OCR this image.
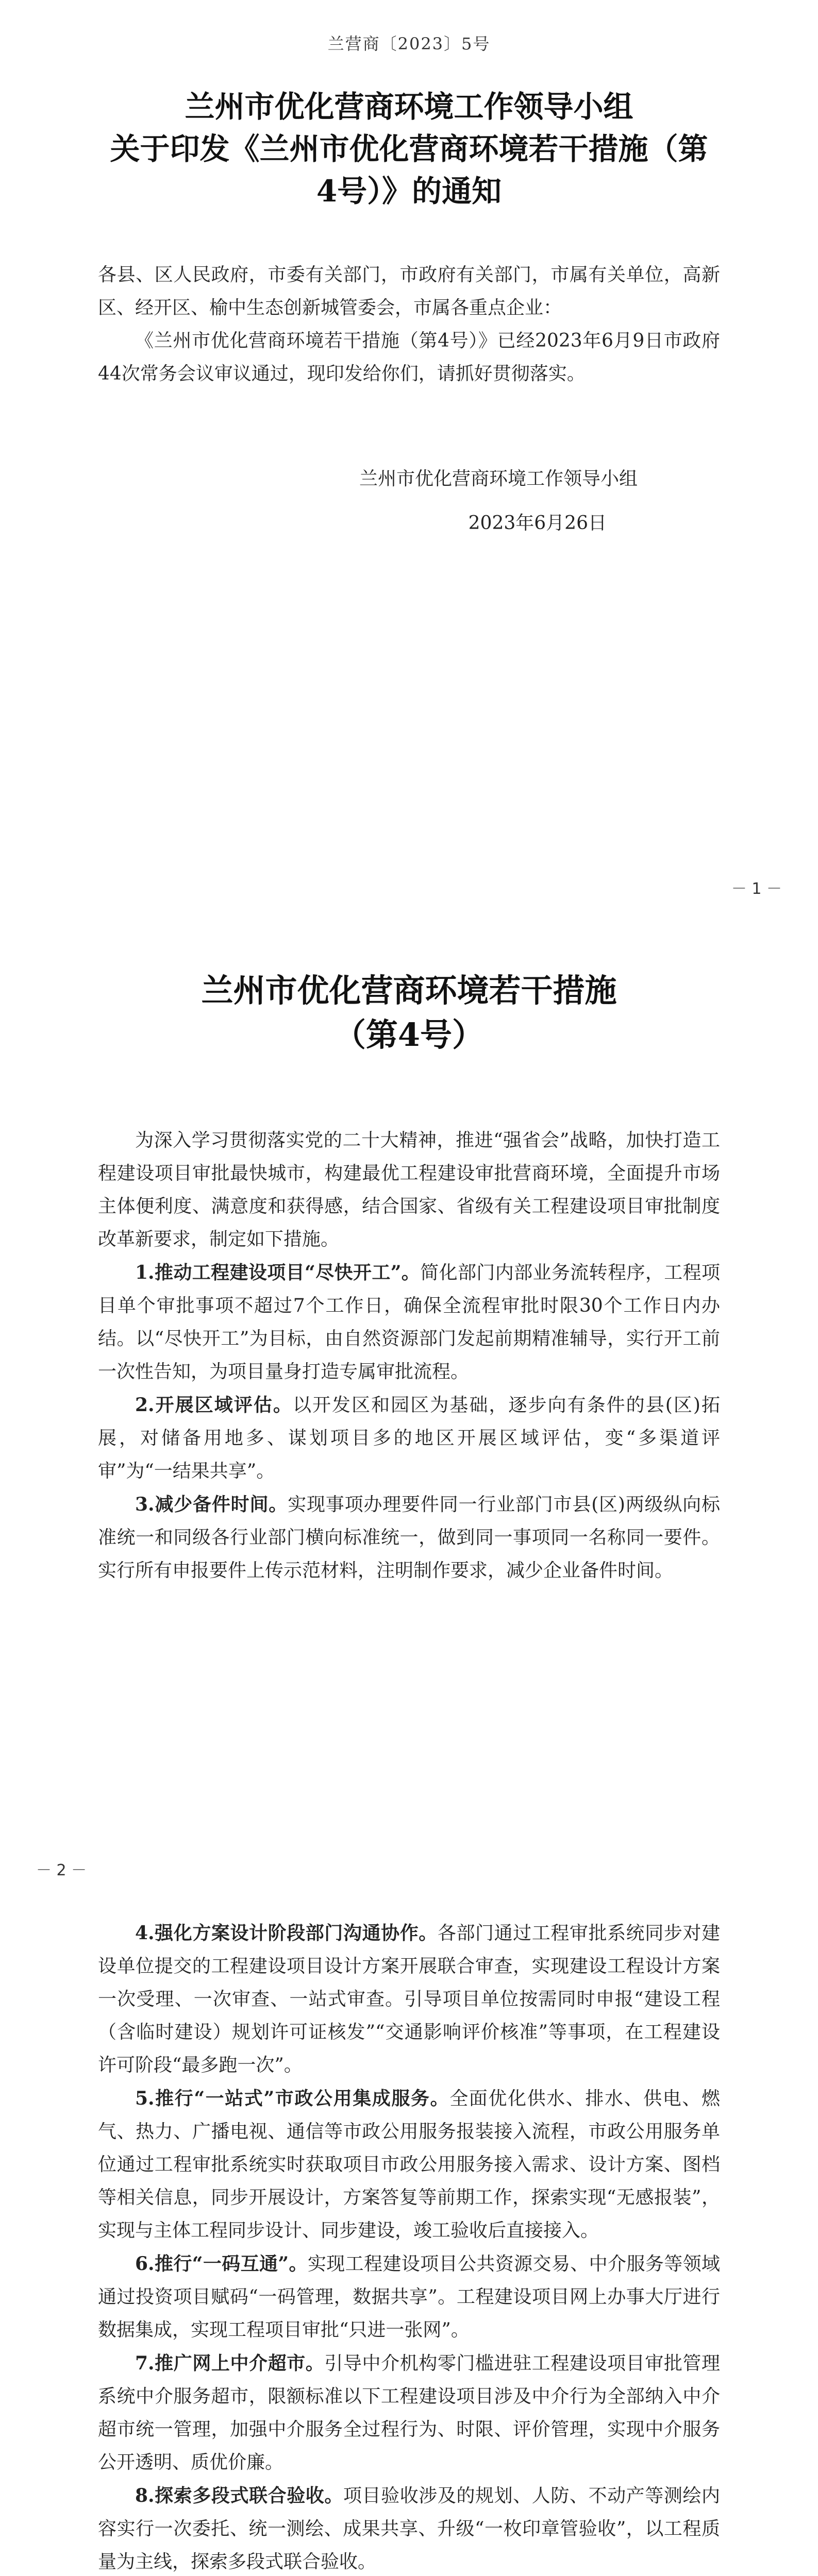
兰营商〔2023〕5号
兰州市优化营商环境工作领导小组
关于印发《兰州市优化营商环境若干措施（第
4号）》的通知
各县、区人民政府，市委有关部门，市政府有关部门，市属有关单位，高新区、经开区、榆中生态创新城管委会，市属各重点企业：

《兰州市优化营商环境若干措施（第4号）》已经2023年6月9日市政府44次常务会议审议通过，现印发给你们，请抓好贯彻落实。

兰州市优化营商环境工作领导小组
2023年6月26日
－ 1 －
兰州市优化营商环境若干措施
（第4号）

为深入学习贯彻落实党的二十大精神，推进“强省会”战略，加快打造工程建设项目审批最快城市，构建最优工程建设审批营商环境，全面提升市场主体便利度、满意度和获得感，结合国家、省级有关工程建设项目审批制度改革新要求，制定如下措施。

1.推动工程建设项目“尽快开工”。简化部门内部业务流转程序，工程项目单个审批事项不超过7个工作日，确保全流程审批时限30个工作日内办结。以“尽快开工”为目标，由自然资源部门发起前期精准辅导，实行开工前一次性告知，为项目量身打造专属审批流程。

2.开展区域评估。以开发区和园区为基础，逐步向有条件的县(区)拓展，对储备用地多、谋划项目多的地区开展区域评估，变“多渠道评审”为“一结果共享”。

3.减少备件时间。实现事项办理要件同一行业部门市县(区)两级纵向标准统一和同级各行业部门横向标准统一，做到同一事项同一名称同一要件。实行所有申报要件上传示范材料，注明制作要求，减少企业备件时间。

－ 2 －

4.强化方案设计阶段部门沟通协作。各部门通过工程审批系统同步对建设单位提交的工程建设项目设计方案开展联合审查，实现建设工程设计方案一次受理、一次审查、一站式审查。引导项目单位按需同时申报“建设工程（含临时建设）规划许可证核发”“交通影响评价核准”等事项，在工程建设许可阶段“最多跑一次”。

5.推行“一站式”市政公用集成服务。全面优化供水、排水、供电、燃气、热力、广播电视、通信等市政公用服务报装接入流程，市政公用服务单位通过工程审批系统实时获取项目市政公用服务接入需求、设计方案、图档等相关信息，同步开展设计，方案答复等前期工作，探索实现“无感报装”，实现与主体工程同步设计、同步建设，竣工验收后直接接入。

6.推行“一码互通”。实现工程建设项目公共资源交易、中介服务等领域通过投资项目赋码“一码管理，数据共享”。工程建设项目网上办事大厅进行数据集成，实现工程项目审批“只进一张网”。

7.推广网上中介超市。引导中介机构零门槛进驻工程建设项目审批管理系统中介服务超市，限额标准以下工程建设项目涉及中介行为全部纳入中介超市统一管理，加强中介服务全过程行为、时限、评价管理，实现中介服务公开透明、质优价廉。

8.探索多段式联合验收。项目验收涉及的规划、人防、不动产等测绘内容实行一次委托、统一测绘、成果共享、升级“一枚印章管验收”，以工程质量为主线，探索多段式联合验收。
